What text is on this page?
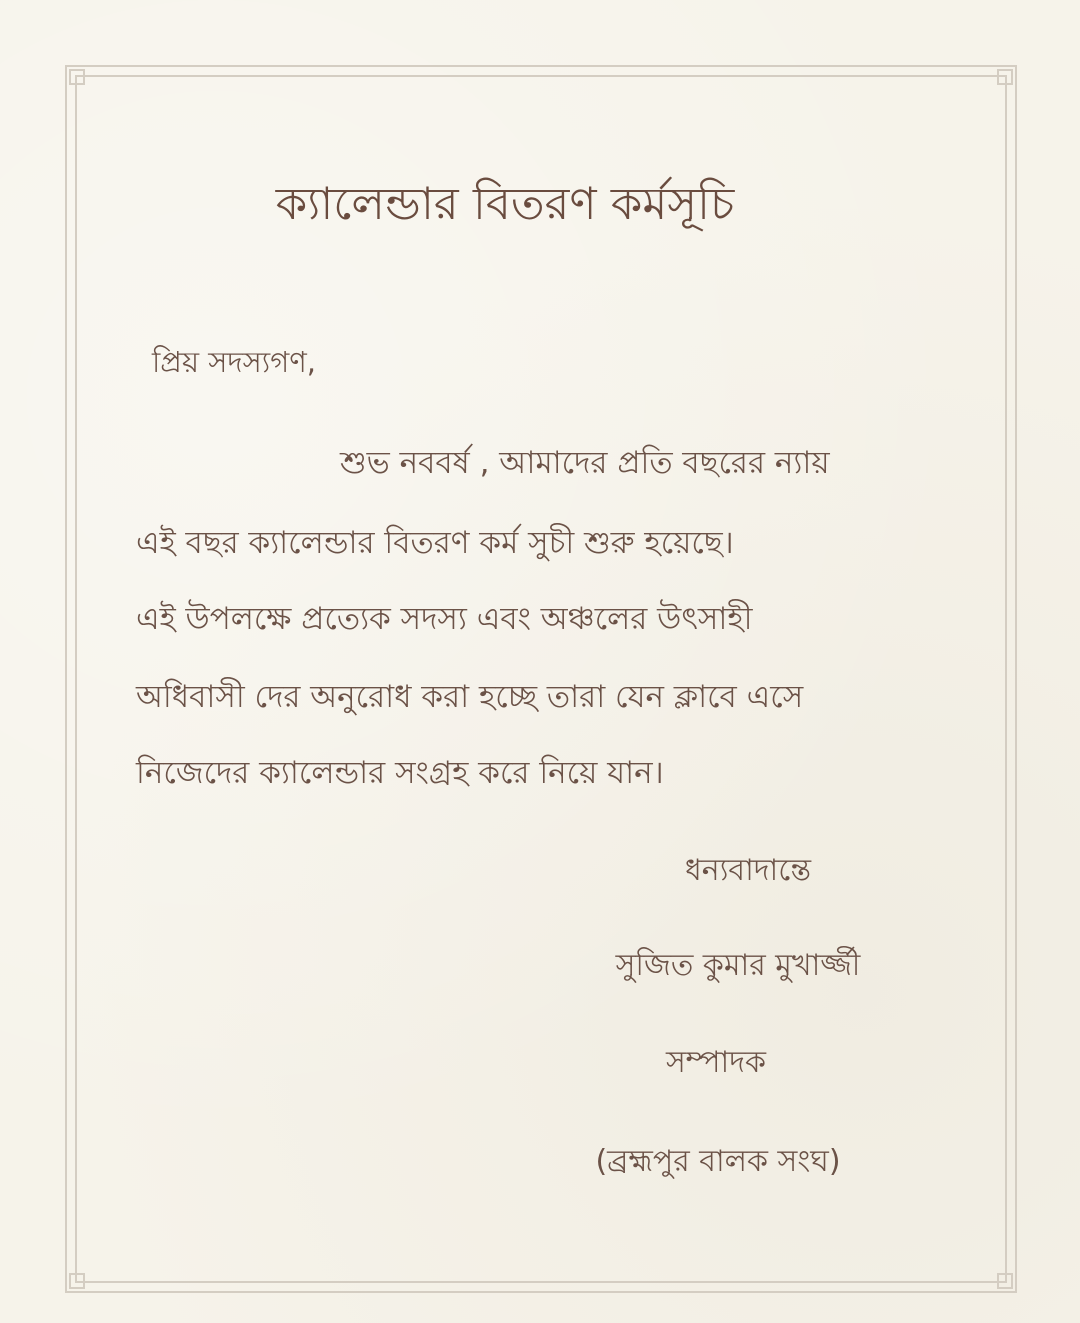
ক্যালেন্ডার বিতরণ কর্মসূচি

প্রিয় সদস্যগণ,

শুভ নববর্ষ , আমাদের প্রতি বছরের ন্যায়

এই বছর ক্যালেন্ডার বিতরণ কর্ম সুচী শুরু হয়েছে।

এই উপলক্ষে প্রত্যেক সদস্য এবং অঞ্চলের উৎসাহী

অধিবাসী দের অনুরোধ করা হচ্ছে তারা যেন ক্লাবে এসে

নিজেদের ক্যালেন্ডার সংগ্রহ করে নিয়ে যান।

ধন্যবাদান্তে

সুজিত কুমার মুখার্জ্জী

সম্পাদক

(ব্রহ্মপুর বালক সংঘ)
